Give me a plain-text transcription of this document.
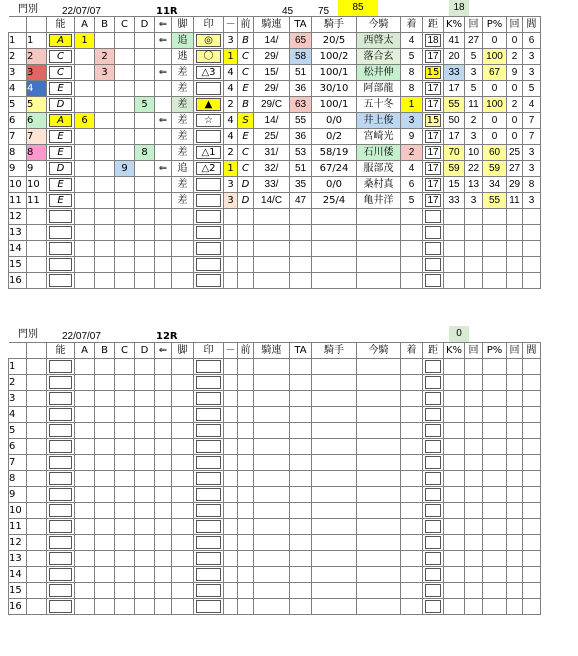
門別 22/07/07	11R	45 75	85	18
		能	A	B	C	D	⇐	脚	印	－	前	騎連	TA	騎手	今騎	着	距	K%	回	P%	回	閻
1	1	A	1				⇐	追	◎	3	B	14/	65	20/5	西啓太	4	18	41	27	0	0	6
2	2	C		2				逃	〇	1	C	29/	58	100/2	落合玄	5	17	20	5	100	2	3
3	3	C		3			⇐	差	△3	4	C	15/	51	100/1	松井伸	8	15	33	3	67	9	3
4	4	E						差		4	E	29/	36	30/10	阿部龍	8	17	17	5	0	0	5
5	5	D				5		差	▲	2	B	29/C	63	100/1	五十冬	1	17	55	11	100	2	4
6	6	A	6				⇐	差	☆	4	S	14/	55	0/0	井上俊	3	15	50	2	0	0	7
7	7	E						差		4	E	25/	36	0/2	宮崎光	9	17	17	3	0	0	7
8	8	E				8		差	△1	2	C	31/	53	58/19	石川倭	2	17	70	10	60	25	3
9	9	D			9		⇐	追	△2	1	C	32/	51	67/24	服部茂	4	17	59	22	59	27	3
10	10	E						差		3	D	33/	35	0/0	桑村真	6	17	15	13	34	29	8
11	11	E						差		3	D	14/C	47	25/4	亀井洋	5	17	33	3	55	11	3
12		

13		

14		

15		

16		

門別 22/07/07	12R	0
		能	A	B	C	D	⇐	脚	印	－	前	騎連	TA	騎手	今騎	着	距	K%	回	P%	回	閻
1		

2		

3		

4		

5		

6		

7		

8		

9		

10		

11		

12		

13		

14		

15		

16		
